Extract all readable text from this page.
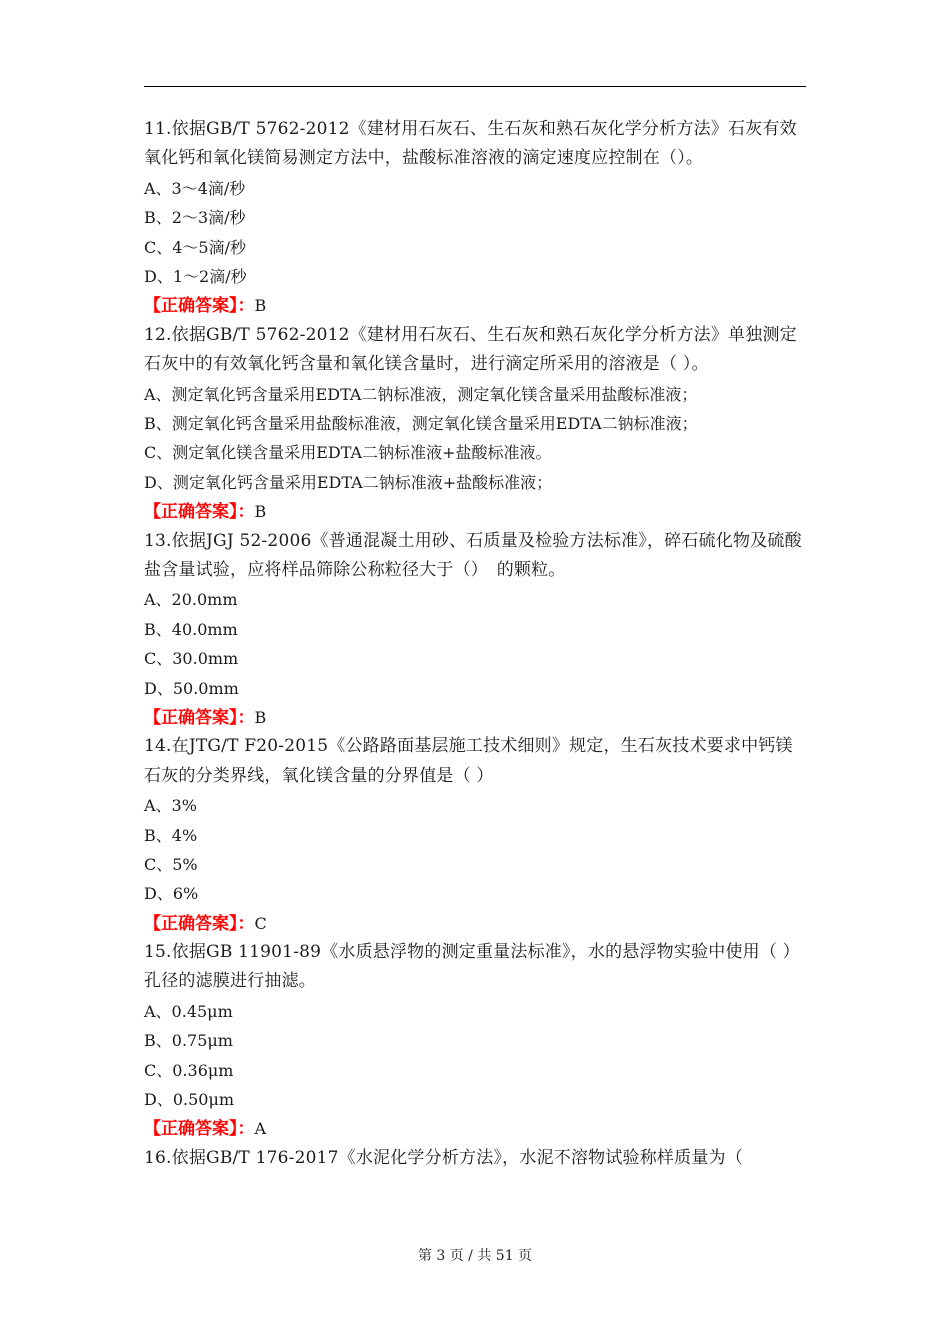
11.依据GB/T 5762-2012《建材用石灰石、生石灰和熟石灰化学分析方法》石灰有效氧化钙和氧化镁简易测定方法中，盐酸标准溶液的滴定速度应控制在（）。

A、3～4滴/秒

B、2～3滴/秒

C、4～5滴/秒

D、1～2滴/秒

【正确答案】：B

12.依据GB/T 5762-2012《建材用石灰石、生石灰和熟石灰化学分析方法》单独测定石灰中的有效氧化钙含量和氧化镁含量时，进行滴定所采用的溶液是（ ）。

A、测定氧化钙含量采用EDTA二钠标准液，测定氧化镁含量采用盐酸标准液；

B、测定氧化钙含量采用盐酸标准液，测定氧化镁含量采用EDTA二钠标准液；

C、测定氧化镁含量采用EDTA二钠标准液+盐酸标准液。

D、测定氧化钙含量采用EDTA二钠标准液+盐酸标准液；

【正确答案】：B

13.依据JGJ 52-2006《普通混凝土用砂、石质量及检验方法标准》，碎石硫化物及硫酸盐含量试验，应将样品筛除公称粒径大于（）　的颗粒。

A、20.0mm

B、40.0mm

C、30.0mm

D、50.0mm

【正确答案】：B

14.在JTG/T F20-2015《公路路面基层施工技术细则》规定，生石灰技术要求中钙镁石灰的分类界线，氧化镁含量的分界值是（ ）

A、3%

B、4%

C、5%

D、6%

【正确答案】：C

15.依据GB 11901-89《水质悬浮物的测定重量法标准》，水的悬浮物实验中使用（ ）孔径的滤膜进行抽滤。

A、0.45μm

B、0.75μm

C、0.36μm

D、0.50μm

【正确答案】：A

16.依据GB/T 176-2017《水泥化学分析方法》，水泥不溶物试验称样质量为（

第 3 页 / 共 51 页
